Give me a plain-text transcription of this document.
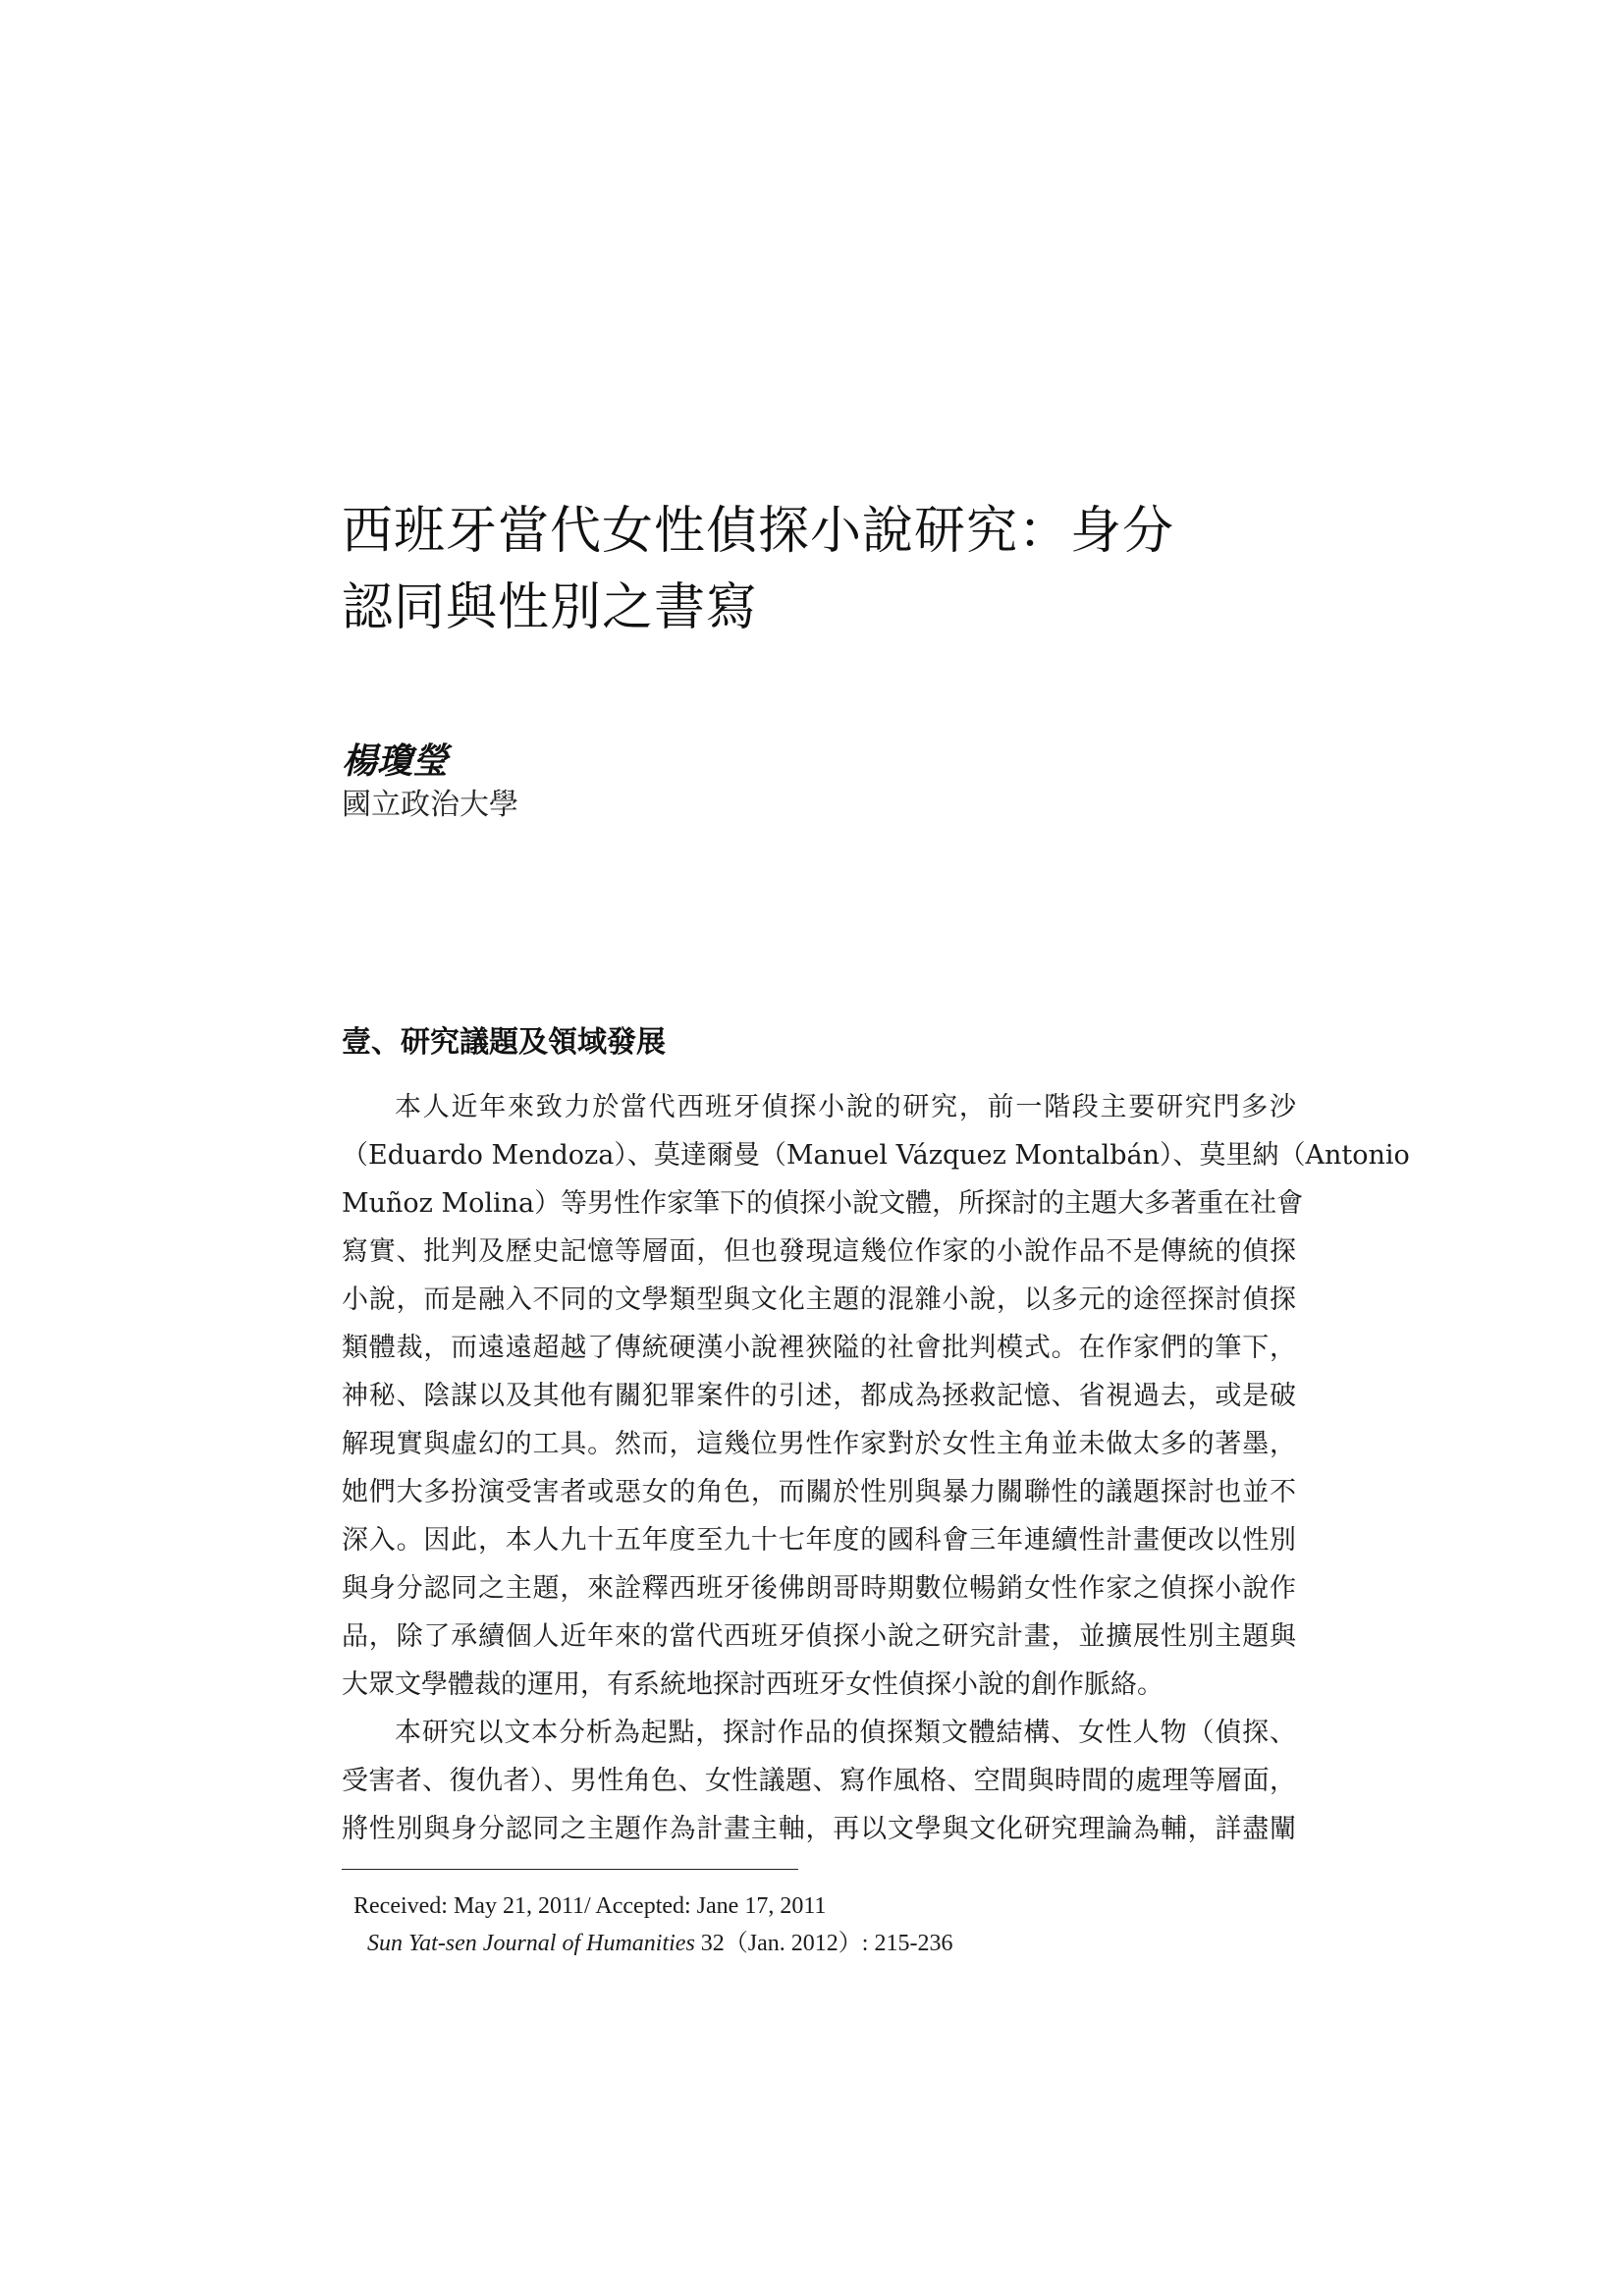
西班牙當代女性偵探小說研究：身分
認同與性別之書寫
楊瓊瑩
國立政治大學
壹、研究議題及領域發展
本人近年來致力於當代西班牙偵探小說的研究，前一階段主要研究門多沙
（Eduardo Mendoza）、莫達爾曼（Manuel Vázquez Montalbán）、莫里納（Antonio
Muñoz Molina）等男性作家筆下的偵探小說文體，所探討的主題大多著重在社會
寫實、批判及歷史記憶等層面，但也發現這幾位作家的小說作品不是傳統的偵探
小說，而是融入不同的文學類型與文化主題的混雜小說，以多元的途徑探討偵探
類體裁，而遠遠超越了傳統硬漢小說裡狹隘的社會批判模式。在作家們的筆下，
神秘、陰謀以及其他有關犯罪案件的引述，都成為拯救記憶、省視過去，或是破
解現實與虛幻的工具。然而，這幾位男性作家對於女性主角並未做太多的著墨，
她們大多扮演受害者或惡女的角色，而關於性別與暴力關聯性的議題探討也並不
深入。因此，本人九十五年度至九十七年度的國科會三年連續性計畫便改以性別
與身分認同之主題，來詮釋西班牙後佛朗哥時期數位暢銷女性作家之偵探小說作
品，除了承續個人近年來的當代西班牙偵探小說之研究計畫，並擴展性別主題與
大眾文學體裁的運用，有系統地探討西班牙女性偵探小說的創作脈絡。
本研究以文本分析為起點，探討作品的偵探類文體結構、女性人物（偵探、
受害者、復仇者）、男性角色、女性議題、寫作風格、空間與時間的處理等層面，
將性別與身分認同之主題作為計畫主軸，再以文學與文化研究理論為輔，詳盡闡
Received: May 21, 2011/ Accepted: Jane 17, 2011
Sun Yat-sen Journal of Humanities 32（Jan. 2012）: 215-236
